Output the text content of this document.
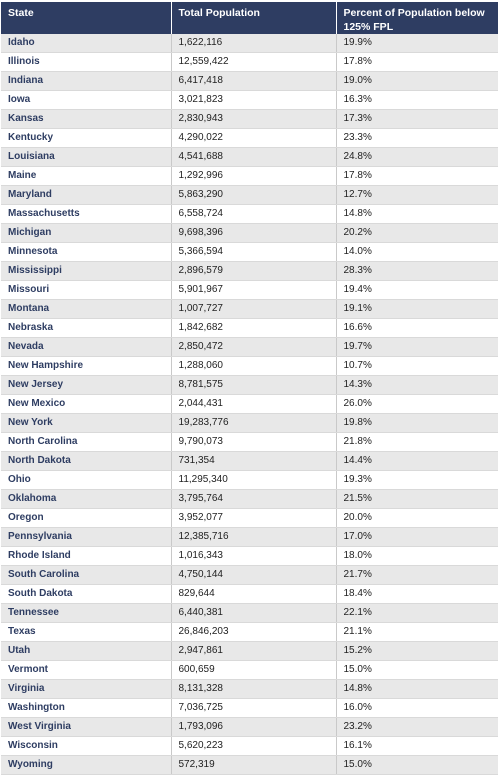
State	Total Population	Percent of Population below 125% FPL
Idaho	1,622,116	19.9%
Illinois	12,559,422	17.8%
Indiana	6,417,418	19.0%
Iowa	3,021,823	16.3%
Kansas	2,830,943	17.3%
Kentucky	4,290,022	23.3%
Louisiana	4,541,688	24.8%
Maine	1,292,996	17.8%
Maryland	5,863,290	12.7%
Massachusetts	6,558,724	14.8%
Michigan	9,698,396	20.2%
Minnesota	5,366,594	14.0%
Mississippi	2,896,579	28.3%
Missouri	5,901,967	19.4%
Montana	1,007,727	19.1%
Nebraska	1,842,682	16.6%
Nevada	2,850,472	19.7%
New Hampshire	1,288,060	10.7%
New Jersey	8,781,575	14.3%
New Mexico	2,044,431	26.0%
New York	19,283,776	19.8%
North Carolina	9,790,073	21.8%
North Dakota	731,354	14.4%
Ohio	11,295,340	19.3%
Oklahoma	3,795,764	21.5%
Oregon	3,952,077	20.0%
Pennsylvania	12,385,716	17.0%
Rhode Island	1,016,343	18.0%
South Carolina	4,750,144	21.7%
South Dakota	829,644	18.4%
Tennessee	6,440,381	22.1%
Texas	26,846,203	21.1%
Utah	2,947,861	15.2%
Vermont	600,659	15.0%
Virginia	8,131,328	14.8%
Washington	7,036,725	16.0%
West Virginia	1,793,096	23.2%
Wisconsin	5,620,223	16.1%
Wyoming	572,319	15.0%
